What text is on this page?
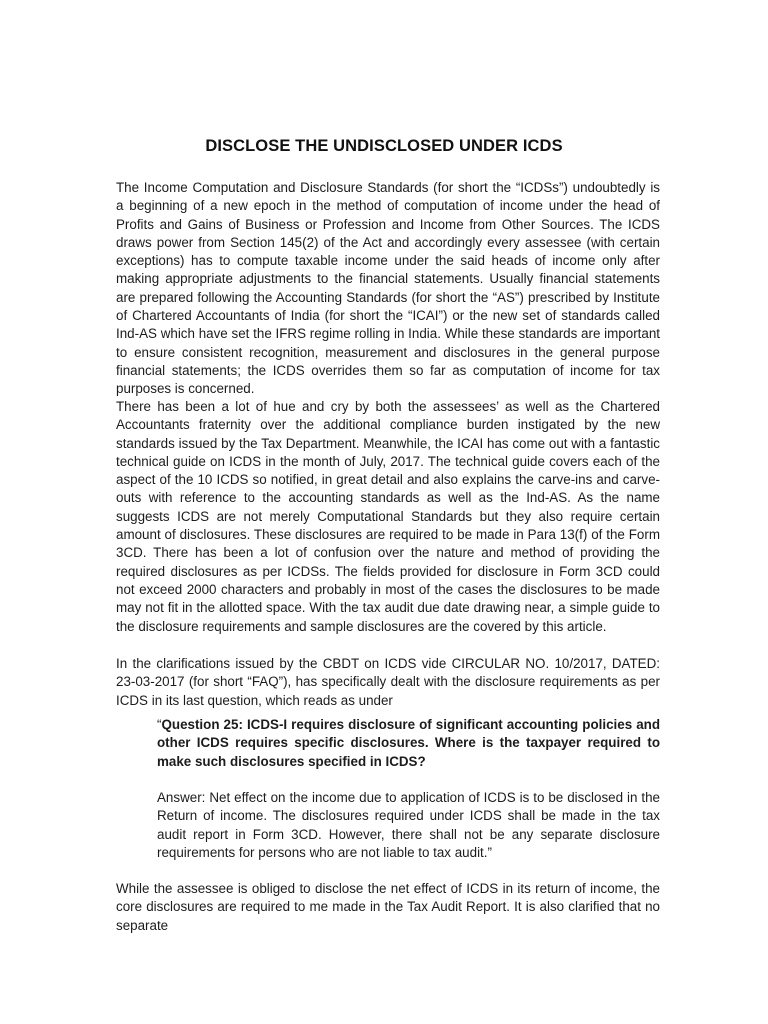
DISCLOSE THE UNDISCLOSED UNDER ICDS

The Income Computation and Disclosure Standards (for short the “ICDSs”) undoubtedly is a beginning of a new epoch in the method of computation of income under the head of Profits and Gains of Business or Profession and Income from Other Sources. The ICDS draws power from Section 145(2) of the Act and accordingly every assessee (with certain exceptions) has to compute taxable income under the said heads of income only after making appropriate adjustments to the financial statements. Usually financial statements are prepared following the Accounting Standards (for short the “AS”) prescribed by Institute of Chartered Accountants of India (for short the “ICAI”) or the new set of standards called Ind-AS which have set the IFRS regime rolling in India. While these standards are important to ensure consistent recognition, measurement and disclosures in the general purpose financial statements; the ICDS overrides them so far as computation of income for tax purposes is concerned.

There has been a lot of hue and cry by both the assessees’ as well as the Chartered Accountants fraternity over the additional compliance burden instigated by the new standards issued by the Tax Department. Meanwhile, the ICAI has come out with a fantastic technical guide on ICDS in the month of July, 2017. The technical guide covers each of the aspect of the 10 ICDS so notified, in great detail and also explains the carve-ins and carve-outs with reference to the accounting standards as well as the Ind-AS. As the name suggests ICDS are not merely Computational Standards but they also require certain amount of disclosures. These disclosures are required to be made in Para 13(f) of the Form 3CD. There has been a lot of confusion over the nature and method of providing the required disclosures as per ICDSs. The fields provided for disclosure in Form 3CD could not exceed 2000 characters and probably in most of the cases the disclosures to be made may not fit in the allotted space. With the tax audit due date drawing near, a simple guide to the disclosure requirements and sample disclosures are the covered by this article.

In the clarifications issued by the CBDT on ICDS vide CIRCULAR NO. 10/2017, DATED: 23-03-2017 (for short “FAQ”), has specifically dealt with the disclosure requirements as per ICDS in its last question, which reads as under

“Question 25: ICDS-I requires disclosure of significant accounting policies and other ICDS requires specific disclosures. Where is the taxpayer required to make such disclosures specified in ICDS?

Answer: Net effect on the income due to application of ICDS is to be disclosed in the Return of income. The disclosures required under ICDS shall be made in the tax audit report in Form 3CD. However, there shall not be any separate disclosure requirements for persons who are not liable to tax audit.”

While the assessee is obliged to disclose the net effect of ICDS in its return of income, the core disclosures are required to me made in the Tax Audit Report. It is also clarified that no separate
